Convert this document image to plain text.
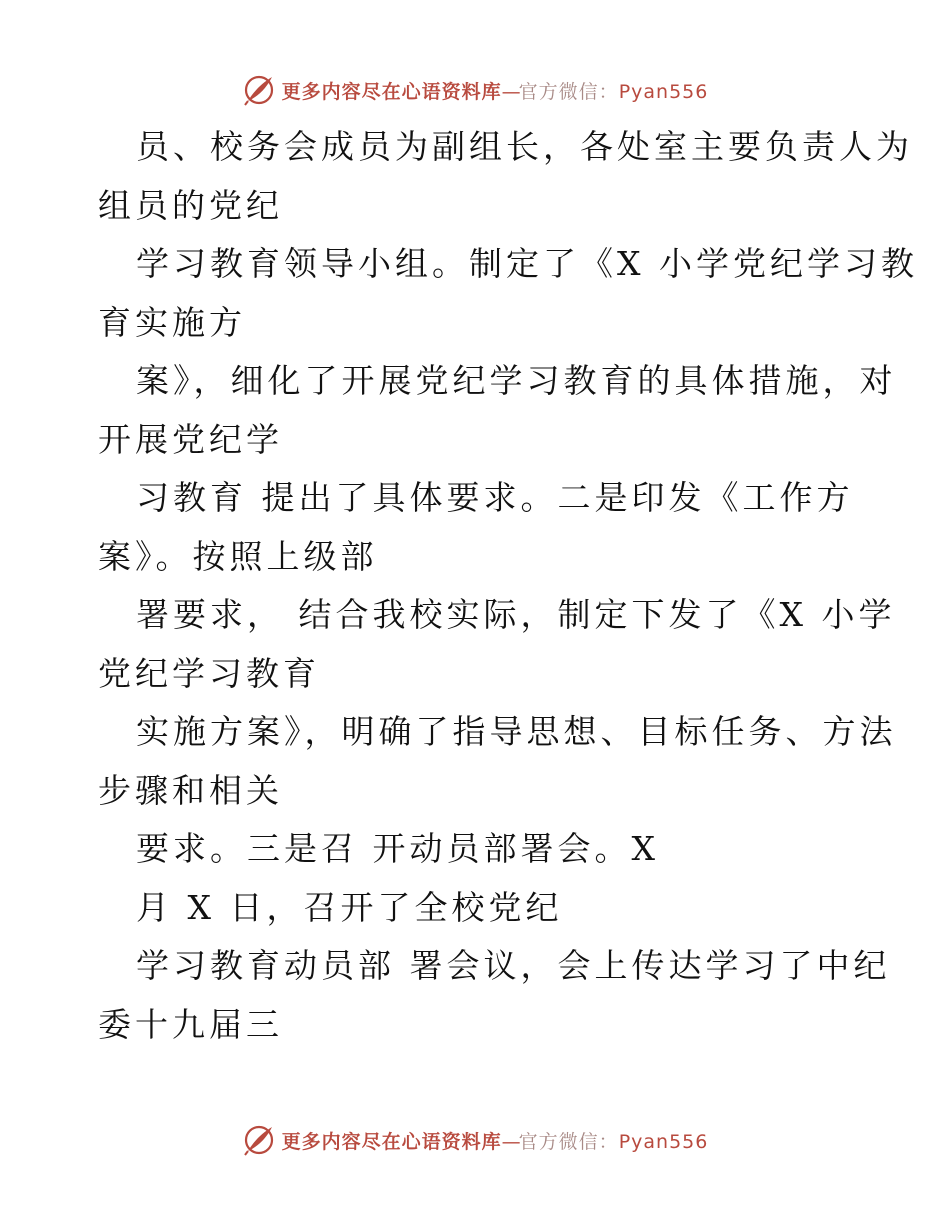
更多内容尽在心语资料库—官方微信：Pyan556
员、校务会成员为副组长，各处室主要负责人为
组员的党纪
学习教育领导小组。制定了《X 小学党纪学习教
育实施方
案》，细化了开展党纪学习教育的具体措施，对
开展党纪学
习教育 提出了具体要求。二是印发《工作方
案》。按照上级部
署要求， 结合我校实际，制定下发了《X 小学
党纪学习教育
实施方案》，明确了指导思想、目标任务、方法
步骤和相关
要求。三是召 开动员部署会。X
月 X 日，召开了全校党纪
学习教育动员部 署会议，会上传达学习了中纪
委十九届三
更多内容尽在心语资料库—官方微信：Pyan556
